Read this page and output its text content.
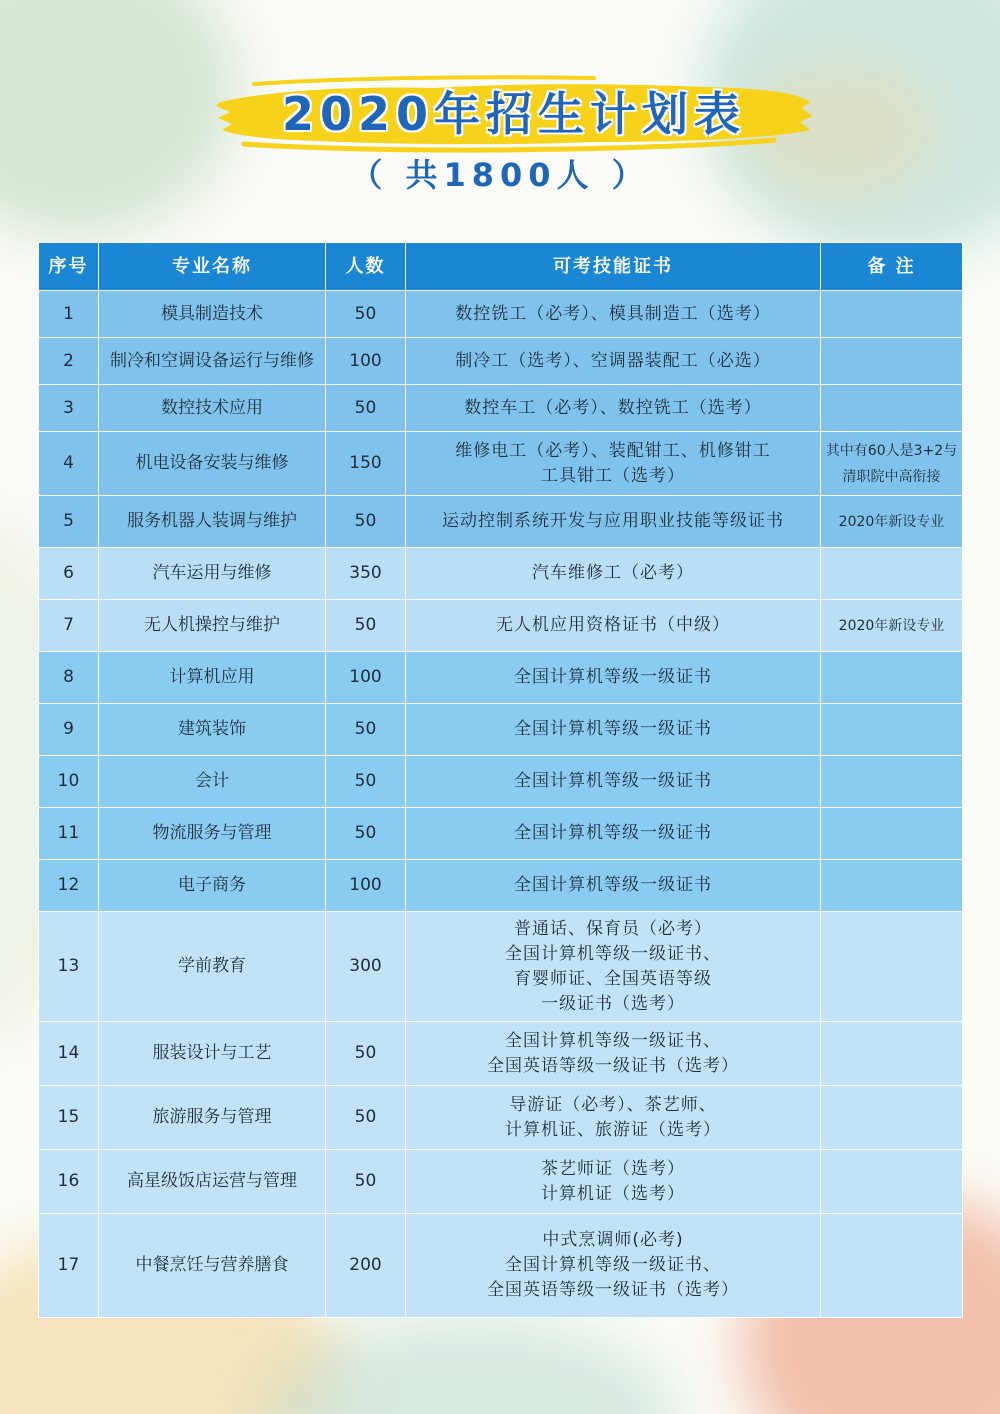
2020年招生计划表
（ 共1800人 ）
序号	专业名称	人数	可考技能证书	备 注
1	模具制造技术	50	数控铣工（必考）、模具制造工（选考）	
2	制冷和空调设备运行与维修	100	制冷工（选考）、空调器装配工（必选）	
3	数控技术应用	50	数控车工（必考）、数控铣工（选考）	
4	机电设备安装与维修	150	维修电工（必考）、装配钳工、机修钳工
工具钳工（选考）	其中有60人是3+2与
清职院中高衔接
5	服务机器人装调与维护	50	运动控制系统开发与应用职业技能等级证书	2020年新设专业
6	汽车运用与维修	350	汽车维修工（必考）	
7	无人机操控与维护	50	无人机应用资格证书（中级）	2020年新设专业
8	计算机应用	100	全国计算机等级一级证书	
9	建筑装饰	50	全国计算机等级一级证书	
10	会计	50	全国计算机等级一级证书	
11	物流服务与管理	50	全国计算机等级一级证书	
12	电子商务	100	全国计算机等级一级证书	
13	学前教育	300	普通话、保育员（必考）
全国计算机等级一级证书、
育婴师证、全国英语等级
一级证书（选考）	
14	服装设计与工艺	50	全国计算机等级一级证书、
全国英语等级一级证书（选考）	
15	旅游服务与管理	50	导游证（必考）、茶艺师、
计算机证、旅游证（选考）	
16	高星级饭店运营与管理	50	茶艺师证（选考）
计算机证（选考）	
17	中餐烹饪与营养膳食	200	中式烹调师(必考)
全国计算机等级一级证书、
全国英语等级一级证书（选考）	
